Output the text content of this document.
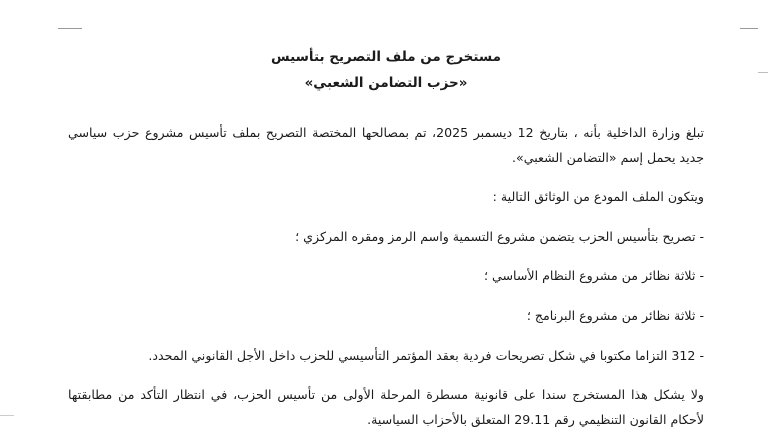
مستخرج من ملف التصريح بتأسيس
«حزب التضامن الشعبي»

تبلغ وزارة الداخلية بأنه ، بتاريخ 12 ديسمبر 2025، تم بمصالحها المختصة التصريح بملف تأسيس مشروع حزب سياسي جديد يحمل إسم «التضامن الشعبي».

ويتكون الملف المودع من الوثائق التالية :

- تصريح بتأسيس الحزب يتضمن مشروع التسمية واسم الرمز ومقره المركزي ؛

- ثلاثة نظائر من مشروع النظام الأساسي ؛

- ثلاثة نظائر من مشروع البرنامج ؛

- 312 التزاما مكتوبا في شكل تصريحات فردية بعقد المؤتمر التأسيسي للحزب داخل الأجل القانوني المحدد.

ولا يشكل هذا المستخرج سندا على قانونية مسطرة المرحلة الأولى من تأسيس الحزب، في انتظار التأكد من مطابقتها لأحكام القانون التنظيمي رقم 29.11 المتعلق بالأحزاب السياسية.
